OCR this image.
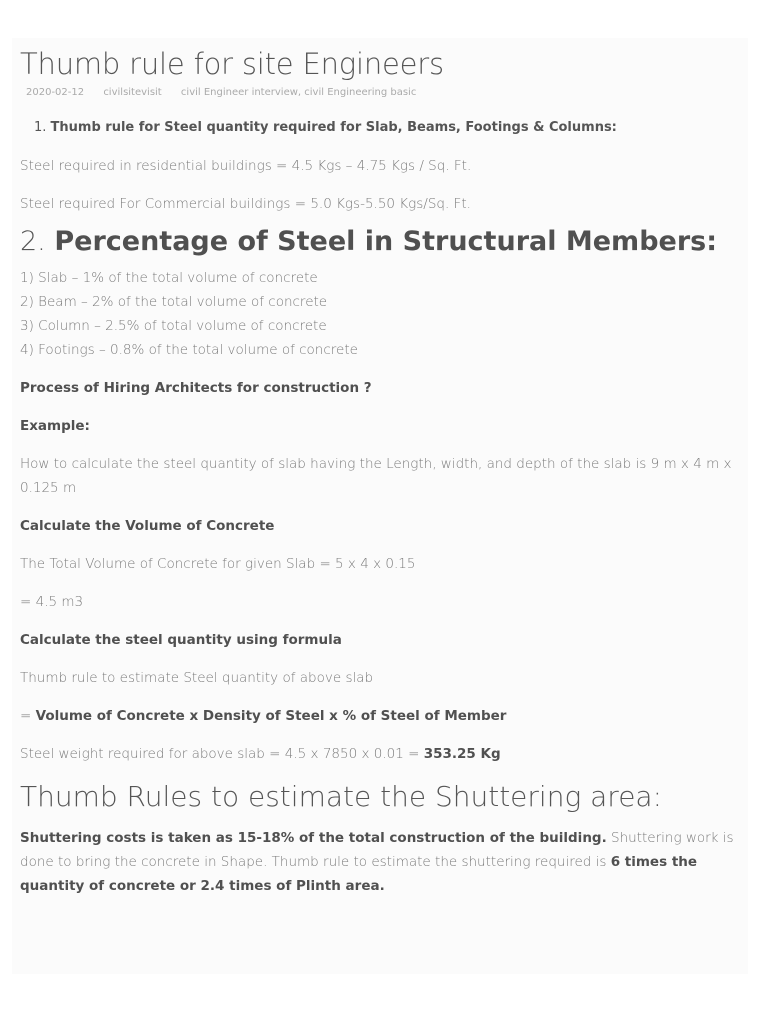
Thumb rule for site Engineers
2020-02-12 civilsitevisit civil Engineer interview, civil Engineering basic
1. Thumb rule for Steel quantity required for Slab, Beams, Footings & Columns:

Steel required in residential buildings = 4.5 Kgs – 4.75 Kgs / Sq. Ft.

Steel required For Commercial buildings = 5.0 Kgs-5.50 Kgs/Sq. Ft.

2. Percentage of Steel in Structural Members:

1) Slab – 1% of the total volume of concrete

2) Beam – 2% of the total volume of concrete

3) Column – 2.5% of total volume of concrete

4) Footings – 0.8% of the total volume of concrete

Process of Hiring Architects for construction ?

Example:

How to calculate the steel quantity of slab having the Length, width, and depth of the slab is 9 m x 4 m x 0.125 m

Calculate the Volume of Concrete

The Total Volume of Concrete for given Slab = 5 x 4 x 0.15

= 4.5 m3

Calculate the steel quantity using formula

Thumb rule to estimate Steel quantity of above slab

= Volume of Concrete x Density of Steel x % of Steel of Member

Steel weight required for above slab = 4.5 x 7850 x 0.01 = 353.25 Kg

Thumb Rules to estimate the Shuttering area:

Shuttering costs is taken as 15-18% of the total construction of the building. Shuttering work is done to bring the concrete in Shape. Thumb rule to estimate the shuttering required is 6 times the quantity of concrete or 2.4 times of Plinth area.
